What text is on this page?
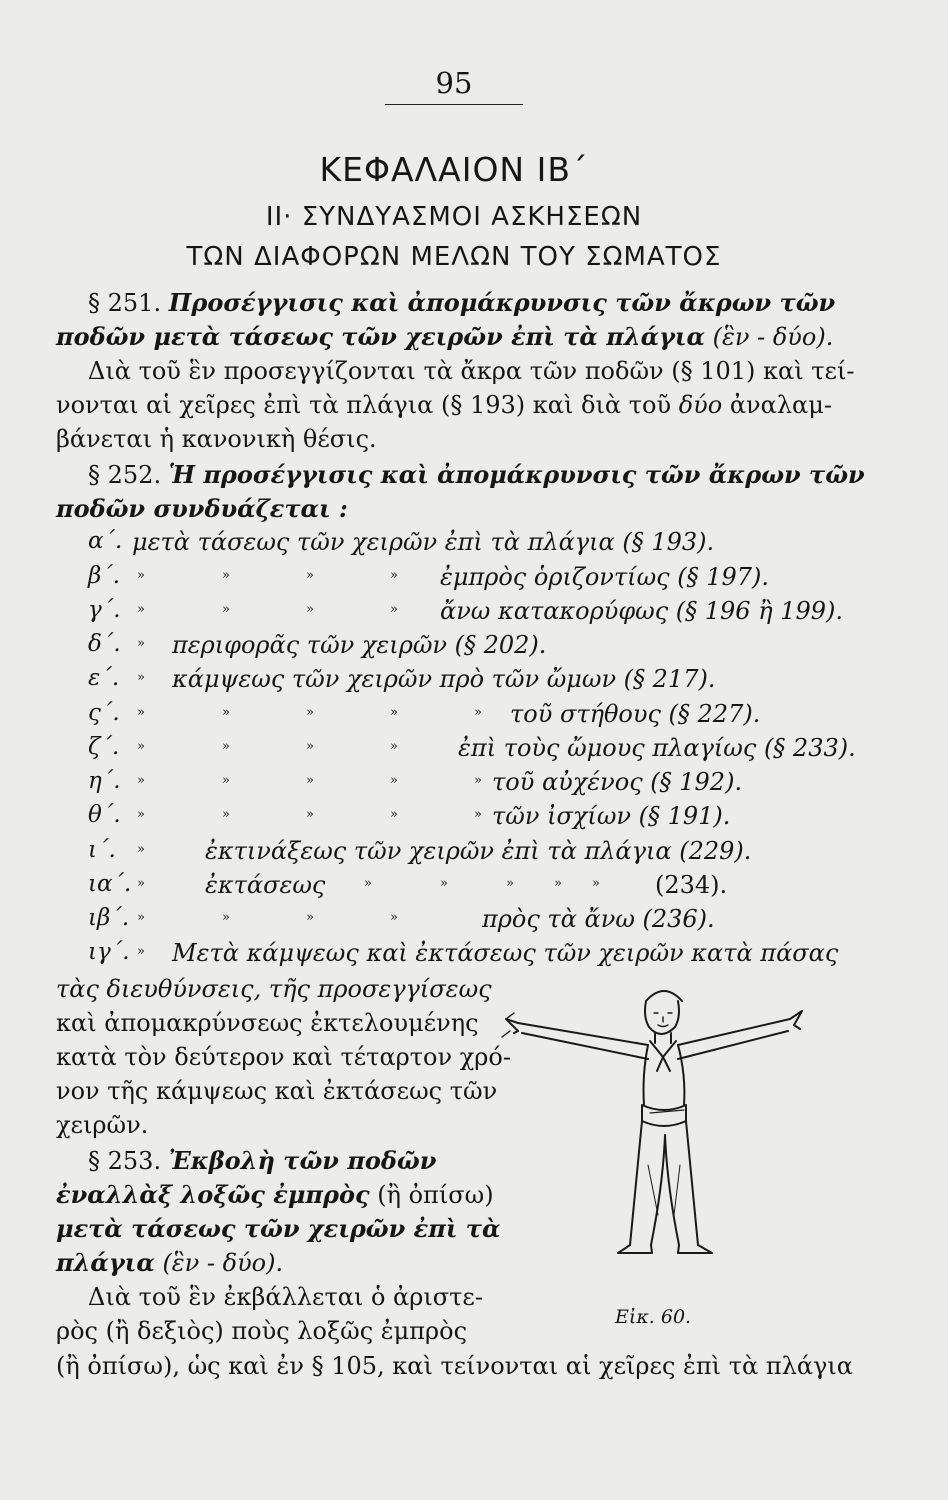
95
ΚΕΦΑΛΑΙΟΝ ΙΒ΄
II· ΣΥΝΔΥΑΣΜΟΙ ΑΣΚΗΣΕΩΝ
ΤΩΝ ΔΙΑΦΟΡΩΝ ΜΕΛΩΝ ΤΟΥ ΣΩΜΑΤΟΣ
§ 251. Προσέγγισις καὶ ἀπομάκρυνσις τῶν ἄκρων τῶν
ποδῶν μετὰ τάσεως τῶν χειρῶν ἐπὶ τὰ πλάγια (ἓν - δύο).
Διὰ τοῦ ἓν προσεγγίζονται τὰ ἄκρα τῶν ποδῶν (§ 101) καὶ τεί-
νονται αἱ χεῖρες ἐπὶ τὰ πλάγια (§ 193) καὶ διὰ τοῦ δύο ἀναλαμ-
βάνεται ἡ κανονικὴ θέσις.
§ 252. Ἡ προσέγγισις καὶ ἀπομάκρυνσις τῶν ἄκρων τῶν
ποδῶν συνδυάζεται :
α΄. μετὰ τάσεως τῶν χειρῶν ἐπὶ τὰ πλάγια (§ 193).
β΄. »	»	»	» ἐμπρὸς ὁριζοντίως (§ 197).
γ΄. »	»	»	» ἄνω κατακορύφως (§ 196 ἢ 199).
δ΄. » περιφορᾶς τῶν χειρῶν (§ 202).
ε΄. » κάμψεως τῶν χειρῶν πρὸ τῶν ὤμων (§ 217).
ς΄. »	»	»	»	» τοῦ στήθους (§ 227).
ζ΄. »	»	»	»	ἐπὶ τοὺς ὤμους πλαγίως (§ 233).
η΄. »	»	»	»	» τοῦ αὐχένος (§ 192).
θ΄. »	»	»	»	» τῶν ἰσχίων (§ 191).
ι΄. »	ἐκτινάξεως τῶν χειρῶν ἐπὶ τὰ πλάγια (229).
ια΄. »	ἐκτάσεως	»	»	»	» » (234).
ιβ΄. »	»	»	»	πρὸς τὰ ἄνω (236).
ιγ΄. » Μετὰ κάμψεως καὶ ἐκτάσεως τῶν χειρῶν κατὰ πάσας
τὰς διευθύνσεις, τῆς προσεγγίσεως
καὶ ἀπομακρύνσεως ἐκτελουμένης
κατὰ τὸν δεύτερον καὶ τέταρτον χρό-
νον τῆς κάμψεως καὶ ἐκτάσεως τῶν
χειρῶν.
§ 253. Ἐκβολὴ τῶν ποδῶν
ἐναλλὰξ λοξῶς ἐμπρὸς (ἢ ὀπίσω)
μετὰ τάσεως τῶν χειρῶν ἐπὶ τὰ
πλάγια (ἓν - δύο).
Διὰ τοῦ ἓν ἐκβάλλεται ὁ ἀριστε-
ρὸς (ἢ δεξιὸς) ποὺς λοξῶς ἐμπρὸς
(ἢ ὀπίσω), ὡς καὶ ἐν § 105, καὶ τείνονται αἱ χεῖρες ἐπὶ τὰ πλάγια
Εἰκ. 60.
